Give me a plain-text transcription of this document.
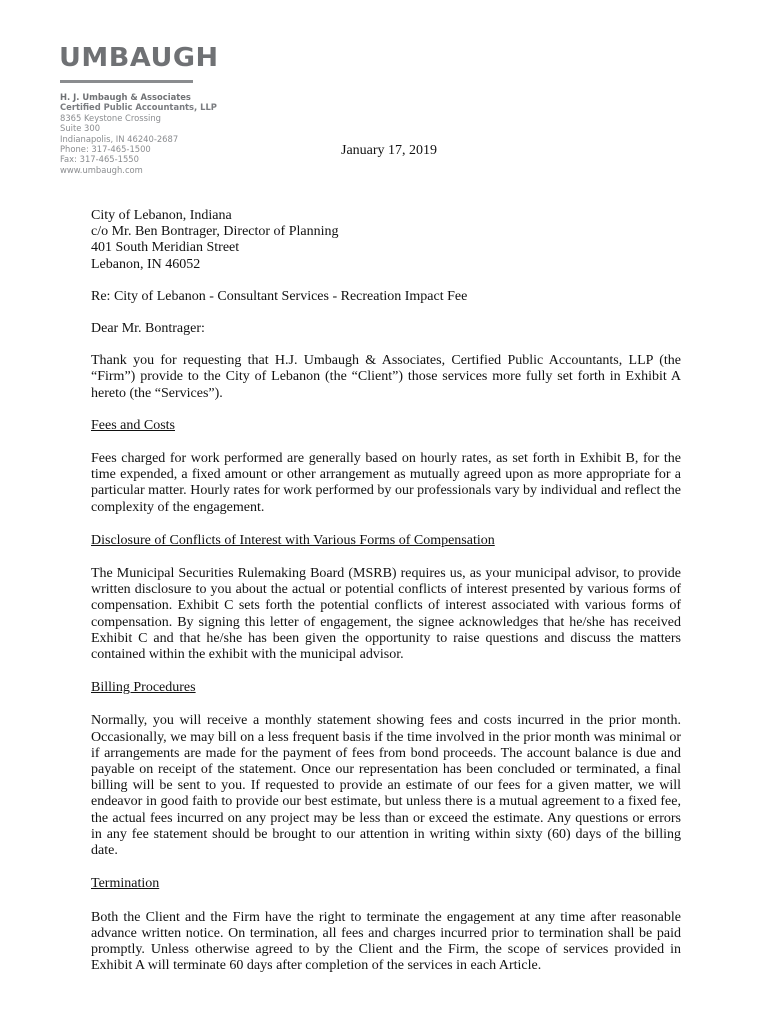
UMBAUGH
H. J. Umbaugh & Associates
Certified Public Accountants, LLP
8365 Keystone Crossing
Suite 300
Indianapolis, IN 46240-2687
Phone: 317-465-1500
Fax: 317-465-1550
www.umbaugh.com
January 17, 2019

City of Lebanon, Indiana

c/o Mr. Ben Bontrager, Director of Planning

401 South Meridian Street

Lebanon, IN 46052

Re: City of Lebanon - Consultant Services - Recreation Impact Fee

Dear Mr. Bontrager:

Thank you for requesting that H.J. Umbaugh & Associates, Certified Public Accountants, LLP (the “Firm”) provide to the City of Lebanon (the “Client”) those services more fully set forth in Exhibit A hereto (the “Services”).

Fees and Costs

Fees charged for work performed are generally based on hourly rates, as set forth in Exhibit B, for the time expended, a fixed amount or other arrangement as mutually agreed upon as more appropriate for a particular matter. Hourly rates for work performed by our professionals vary by individual and reflect the complexity of the engagement.

Disclosure of Conflicts of Interest with Various Forms of Compensation

The Municipal Securities Rulemaking Board (MSRB) requires us, as your municipal advisor, to provide written disclosure to you about the actual or potential conflicts of interest presented by various forms of compensation. Exhibit C sets forth the potential conflicts of interest associated with various forms of compensation. By signing this letter of engagement, the signee acknowledges that he/she has received Exhibit C and that he/she has been given the opportunity to raise questions and discuss the matters contained within the exhibit with the municipal advisor.

Billing Procedures

Normally, you will receive a monthly statement showing fees and costs incurred in the prior month. Occasionally, we may bill on a less frequent basis if the time involved in the prior month was minimal or if arrangements are made for the payment of fees from bond proceeds. The account balance is due and payable on receipt of the statement. Once our representation has been concluded or terminated, a final billing will be sent to you. If requested to provide an estimate of our fees for a given matter, we will endeavor in good faith to provide our best estimate, but unless there is a mutual agreement to a fixed fee, the actual fees incurred on any project may be less than or exceed the estimate. Any questions or errors in any fee statement should be brought to our attention in writing within sixty (60) days of the billing date.

Termination

Both the Client and the Firm have the right to terminate the engagement at any time after reasonable advance written notice. On termination, all fees and charges incurred prior to termination shall be paid promptly. Unless otherwise agreed to by the Client and the Firm, the scope of services provided in Exhibit A will terminate 60 days after completion of the services in each Article.
